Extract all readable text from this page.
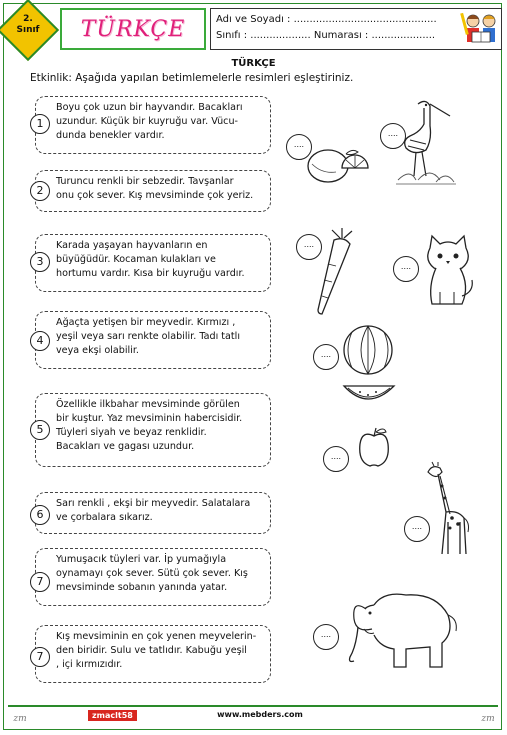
2.
Sınıf	TÜRKÇE	Adı ve Soyadı : .............................................
Sınıfı : ................... Numarası : ....................
TÜRKÇE
Etkinlik: Aşağıda yapılan betimlemelerle resimleri eşleştiriniz.
Boyu çok uzun bir hayvandır. Bacakları
uzundur. Küçük bir kuyruğu var. Vücu-
dunda benekler vardır.
1
Turuncu renkli bir sebzedir. Tavşanlar
onu çok sever. Kış mevsiminde çok yeriz.
2
Karada yaşayan hayvanların en
büyüğüdür. Kocaman kulakları ve
hortumu vardır. Kısa bir kuyruğu vardır.
3
Ağaçta yetişen bir meyvedir. Kırmızı ,
yeşil veya sarı renkte olabilir. Tadı tatlı
veya ekşi olabilir.
4
Özellikle ilkbahar mevsiminde görülen
bir kuştur. Yaz mevsiminin habercisidir.
Tüyleri siyah ve beyaz renklidir.
Bacakları ve gagası uzundur.
5
Sarı renkli , ekşi bir meyvedir. Salatalara
ve çorbalara sıkarız.
6
Yumuşacık tüyleri var. İp yumağıyla
oynamayı çok sever. Sütü çok sever. Kış
mevsiminde sobanın yanında yatar.
7
Kış mevsiminin en çok yenen meyvelerin-
den biridir. Sulu ve tatlıdır. Kabuğu yeşil
, içi kırmızıdır.
7
....
....
....
....
....
....
....
....
zm	zmaclt58	www.mebders.com	zm
